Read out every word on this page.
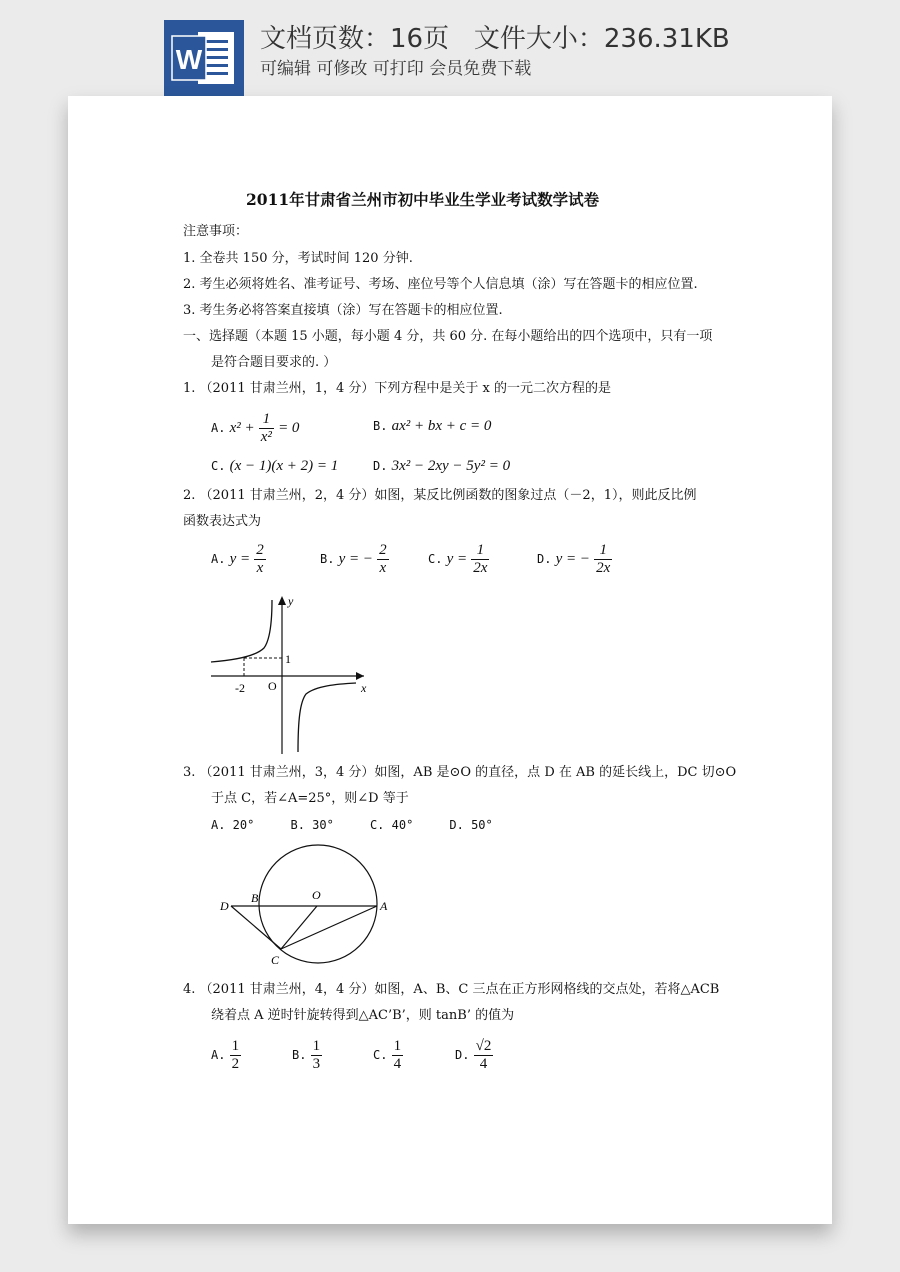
W
文档页数：16页   文件大小：236.31KB
可编辑 可修改 可打印 会员免费下载
2011年甘肃省兰州市初中毕业生学业考试数学试卷
注意事项：
1. 全卷共 150 分，考试时间 120 分钟.
2. 考生必须将姓名、准考证号、考场、座位号等个人信息填（涂）写在答题卡的相应位置.
3. 考生务必将答案直接填（涂）写在答题卡的相应位置.
一、选择题（本题 15 小题，每小题 4 分，共 60 分. 在每小题给出的四个选项中，只有一项
是符合题目要求的. ）
1. （2011 甘肃兰州，1，4 分）下列方程中是关于 x 的一元二次方程的是
A. $x^2 + \frac{1}{\text{x²}} = 0$	B. ax² + bx + c = 0
C. (x − 1)(x + 2) = 1	D. 3x² − 2xy − 5y² = 0
2. （2011 甘肃兰州，2，4 分）如图，某反比例函数的图象过点（－2，1），则此反比例
函数表达式为
A. $y = \frac{2}{x}$	B. y = − $\frac{2}{x}$	C. $y = \frac{1}{2x}$	D. y = − $\frac{1}{2x}$
y
x
O
-2
1
3. （2011 甘肃兰州，3，4 分）如图，AB 是⊙O 的直径，点 D 在 AB 的延长线上，DC 切⊙O
于点 C，若∠A=25°，则∠D 等于
A. 20°     B. 30°     C. 40°     D. 50°
D
B	O
A
C
4. （2011 甘肃兰州，4，4 分）如图，A、B、C 三点在正方形网格线的交点处，若将△ACB
绕着点 A 逆时针旋转得到△AC’B’，则 tanB’ 的值为
A. $\frac{1}{2}$	B. $\frac{1}{3}$	C. $\frac{1}{4}$	D. $\frac{√2}{4}$
